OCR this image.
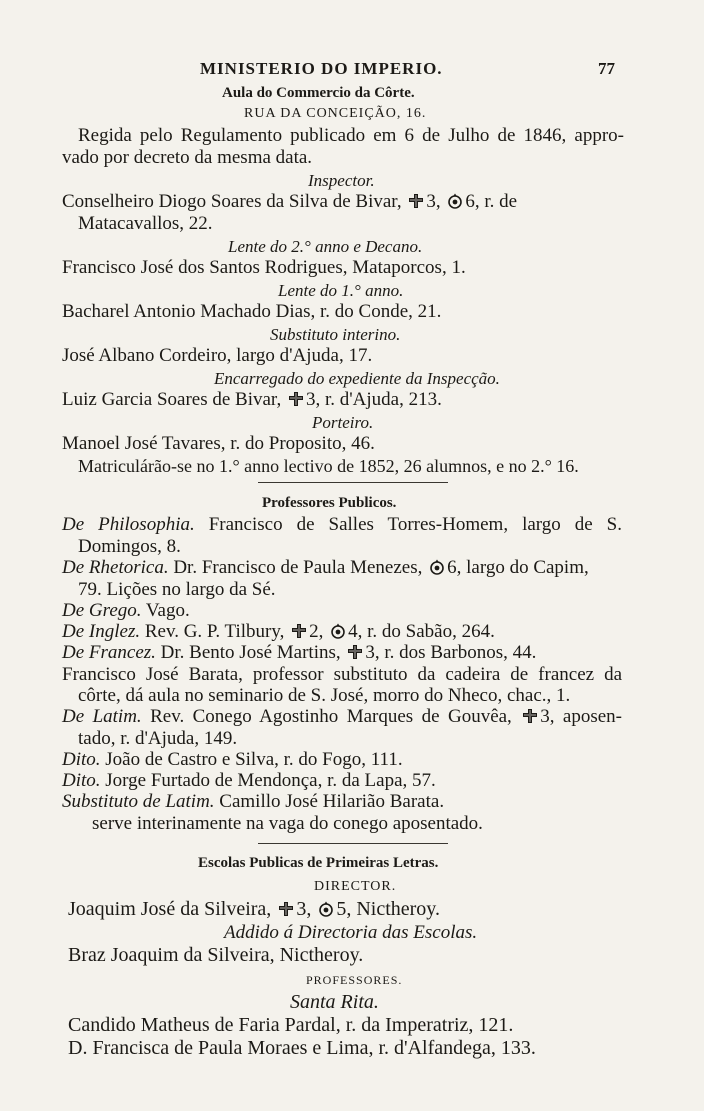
MINISTERIO DO IMPERIO.	77
Aula do Commercio da Côrte.
RUA DA CONCEIÇÃO, 16.
Regida pelo Regulamento publicado em 6 de Julho de 1846, appro-
vado por decreto da mesma data.
Inspector.
Conselheiro Diogo Soares da Silva de Bivar, 3, 6, r. de
Matacavallos, 22.
Lente do 2.° anno e Decano.
Francisco José dos Santos Rodrigues, Mataporcos, 1.
Lente do 1.° anno.
Bacharel Antonio Machado Dias, r. do Conde, 21.
Substituto interino.
José Albano Cordeiro, largo d'Ajuda, 17.
Encarregado do expediente da Inspecção.
Luiz Garcia Soares de Bivar, 3, r. d'Ajuda, 213.
Porteiro.
Manoel José Tavares, r. do Proposito, 46.
Matriculárão-se no 1.° anno lectivo de 1852, 26 alumnos, e no 2.° 16.
Professores Publicos.
De Philosophia. Francisco de Salles Torres-Homem, largo de S.
Domingos, 8.
De Rhetorica. Dr. Francisco de Paula Menezes, 6, largo do Capim,
79. Lições no largo da Sé.
De Grego. Vago.
De Inglez. Rev. G. P. Tilbury, 2, 4, r. do Sabão, 264.
De Francez. Dr. Bento José Martins, 3, r. dos Barbonos, 44.
Francisco José Barata, professor substituto da cadeira de francez da
côrte, dá aula no seminario de S. José, morro do Nheco, chac., 1.
De Latim. Rev. Conego Agostinho Marques de Gouvêa, 3, aposen-
tado, r. d'Ajuda, 149.
Dito. João de Castro e Silva, r. do Fogo, 111.
Dito. Jorge Furtado de Mendonça, r. da Lapa, 57.
Substituto de Latim. Camillo José Hilarião Barata.
serve interinamente na vaga do conego aposentado.
Escolas Publicas de Primeiras Letras.
DIRECTOR.
Joaquim José da Silveira, 3, 5, Nictheroy.
Addido á Directoria das Escolas.
Braz Joaquim da Silveira, Nictheroy.
PROFESSORES.
Santa Rita.
Candido Matheus de Faria Pardal, r. da Imperatriz, 121.
D. Francisca de Paula Moraes e Lima, r. d'Alfandega, 133.
